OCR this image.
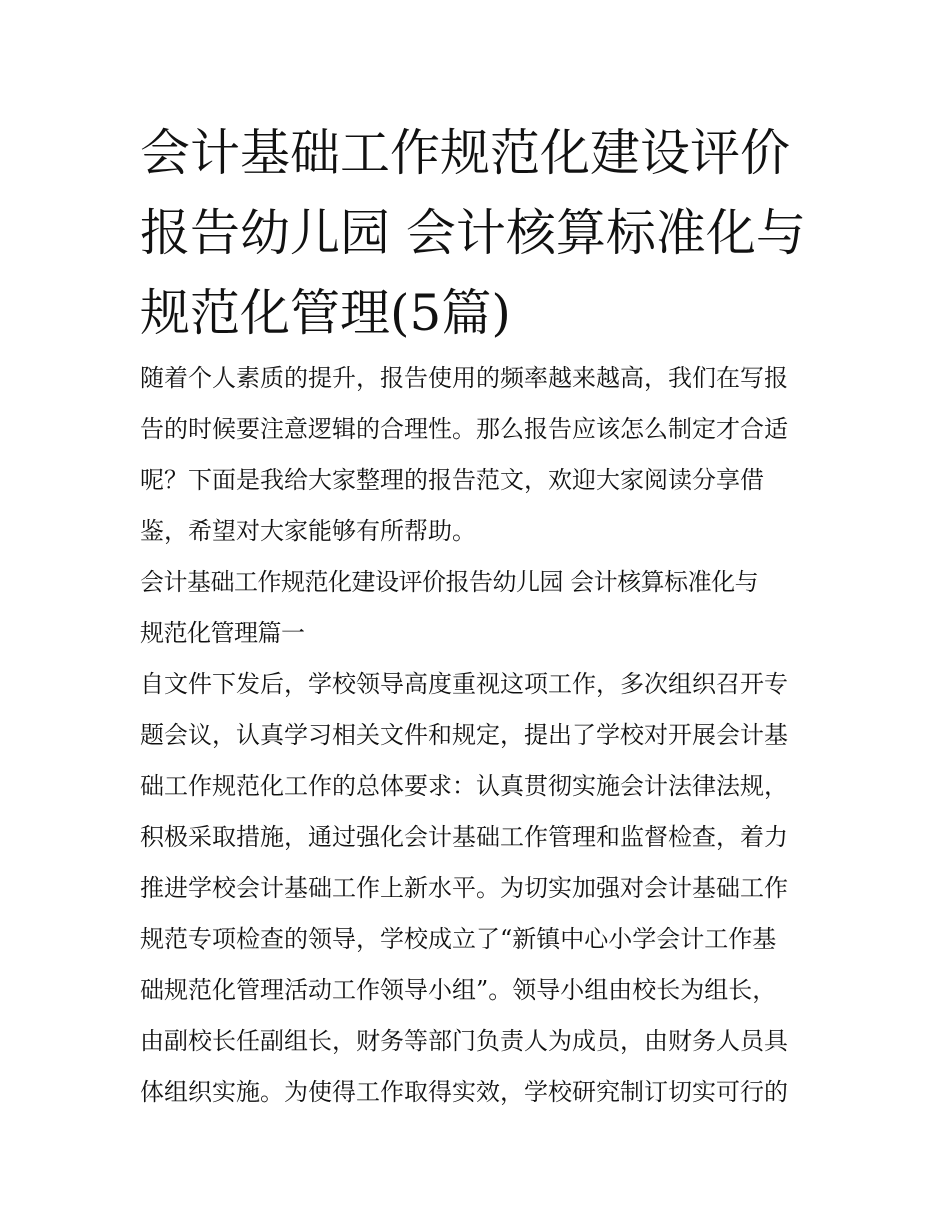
会计基础工作规范化建设评价
报告幼儿园 会计核算标准化与
规范化管理(5篇)
随着个人素质的提升，报告使用的频率越来越高，我们在写报
告的时候要注意逻辑的合理性。那么报告应该怎么制定才合适
呢？下面是我给大家整理的报告范文，欢迎大家阅读分享借
鉴，希望对大家能够有所帮助。
会计基础工作规范化建设评价报告幼儿园 会计核算标准化与
规范化管理篇一
自文件下发后，学校领导高度重视这项工作，多次组织召开专
题会议，认真学习相关文件和规定，提出了学校对开展会计基
础工作规范化工作的总体要求：认真贯彻实施会计法律法规，
积极采取措施，通过强化会计基础工作管理和监督检查，着力
推进学校会计基础工作上新水平。为切实加强对会计基础工作
规范专项检查的领导，学校成立了“新镇中心小学会计工作基
础规范化管理活动工作领导小组”。领导小组由校长为组长，
由副校长任副组长，财务等部门负责人为成员，由财务人员具
体组织实施。为使得工作取得实效，学校研究制订切实可行的
